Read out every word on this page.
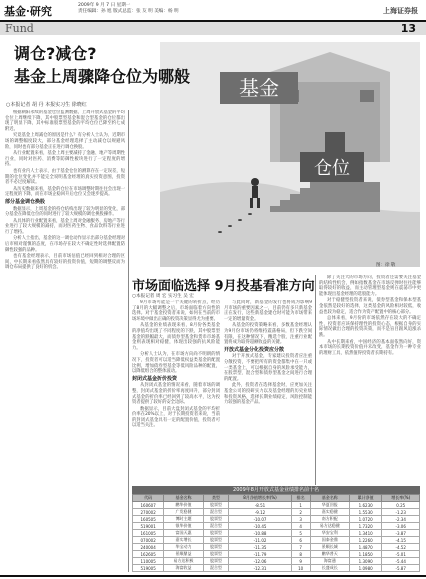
基金·研究	2009年 9 月 7 日 星期一
责任编辑：孙 旭 版式总监：张 友 明 美编：杨 明	上海证券报
Fund	13
基金
仓位
调仓?减仓?
基金上周骤降仓位为哪般
○本报记者 胡 丹 本报实习生 徐晓红
图：徐 敬

根据朝阳永续的基金仓位监测数据，上周开放式基金的平均仓位上周继续下降，其中股票型基金和混合型基金的仓位都出现了明显下降，其中标准股票型基金的平均仓位已降至约七成附近。

究竟基金上周减仓的原因是什么？有分析人士认为，近期市场的调整幅度较大，部分基金经理选择了主动减仓以规避风险，同时也有部分基金正在进行调仓换股。

从行业配置来看，基金上周主要减持了金融、地产等周期性行业，同时对医药、消费等防御性板块进行了一定程度的增持。

也有业内人士表示，由于基金仓位的测算存在一定误差，短期的仓位变化并不能完全说明基金经理的真实投资意图，投资者不必过度解读。

从历史数据来看，基金的仓位在市场调整时期往往会出现一定程度的下降，而在市场企稳回升后仓位又会逐步提高。

部分基金调仓换股

数据显示，上周基金的持仓结构出现了较为明显的变化，部分基金在降低仓位的同时进行了较大规模的调仓换股操作。

从具体的行业配置来看，基金上周对金融服务、房地产等行业进行了较大规模的减持，而对医药生物、食品饮料等行业进行了增持。

分析人士指出，基金的这一调仓动作显示出部分基金经理对后市相对谨慎的态度，在市场存在较大不确定性时选择配置防御性较强的品种。

也有基金经理表示，目前市场估值已经回到相对合理的区间，中长期来看依然具有较好的投资价值，短期的调整反而为调仓布局提供了良好的机会。

市场面临选择 9月投基看准方向
○本报记者 周 宏 实习生 吴 宏

9月市场可能是一个关键的转折点，经历了8月的大幅调整之后，市场面临着方向性的选择。对于基金投资者来说，如何在当前的市场环境中做出正确的投资决策显得尤为重要。

从基金的业绩表现来看，8月份各类基金的净值均出现了不同程度的下跌，其中股票型基金的跌幅最大，而债券型基金和货币市场基金则表现相对稳健，体现出较强的抗风险能力。

分析人士认为，在市场方向尚不明朗的情况下，投资者可以适当降低权益类基金的配置比例，增加债券型基金等低风险品种的配置，以降低组合的整体波动。

封闭式基金折价投资

从封闭式基金的情况来看，随着市场的调整，封闭式基金的折价率再度回升，部分封闭式基金的折价率已经回到了较高水平，这为投资者提供了较好的安全边际。

数据显示，目前大盘封闭式基金的平均折价率在20%以上，对于长期投资者来说，当前的封闭式基金具有一定的配置价值，投资者可以适当关注。

与此同时，新基金的发行也将成为影响9月市场的重要因素之一，目前仍有多只新基金正在发行，这些新基金建仓时可能为市场带来一定的增量资金。

从基金的投资策略来看，多数基金经理认为9月份市场仍将维持震荡格局，但下跌空间有限，在这种情况下，精选个股、注重行业配置将成为取得超额收益的关键。

开放式基金分化投资应分散

对于开放式基金，专家建议投资者应注重分散投资，不要把所有的资金都集中在一只或一类基金上，可以根据自身的风险承受能力，在股票型、混合型和债券型基金之间进行合理的配置。

此外，投资者在选择基金时，应更加关注基金公司的投研实力以及基金经理的历史业绩和投资风格，选择长期业绩稳定、风险控制能力较强的基金产品。

除了关注大的市场方向，投资者还需要关注基金的结构性机会，例如指数基金在市场反弹时往往能够取得较好的收益，而主动管理型基金则在震荡市中更能体现出基金经理的选股能力。

对于稳健型投资者来说，债券型基金和保本型基金依然是较好的选择，这类基金的风险相对较低，收益也较为稳定，适合作为资产配置中的核心部分。

总体来看，9月份的市场依然存在较大的不确定性，投资者应该保持理性的投资心态，根据自身的实际情况做出合理的投资决策，而不是盲目跟风追涨杀跌。

从中长期来看，中国经济的基本面依然向好，资本市场的长期投资价值并未改变，基金作为一种专业的理财工具，依然值得投资者长期持有。

2009年8月开放式基金业绩排名前十名
代码	基金名称	类型	8月净值增长率(%)	排名	基金名称	累计净值	增长率(%)
160607	鹏华价值	股票型	-8.51	1	华夏回报	1.6230	0.25
270002	广发稳健	混合型	-9.12	2	嘉实稳健	1.5530	-1.23
160505	博时主题	股票型	-10.07	3	南方积配	1.0720	-2.34
519001	银华价值	混合型	-10.45	4	易方达稳健	1.7320	-3.06
161005	富国天惠	股票型	-10.88	5	华安宝利	1.3410	-3.87
070002	嘉实增长	股票型	-11.02	6	国泰金鼎	1.2260	-4.15
240004	华宝动力	股票型	-11.35	7	景顺长城	1.4870	-4.52
162605	景顺鼎益	股票型	-11.79	8	鹏华普天	1.1850	-5.01
110005	易方达积极	股票型	-12.06	9	海富通	1.3090	-5.44
519005	海富收益	混合型	-12.31	10	长盛成长	1.0980	-5.87
